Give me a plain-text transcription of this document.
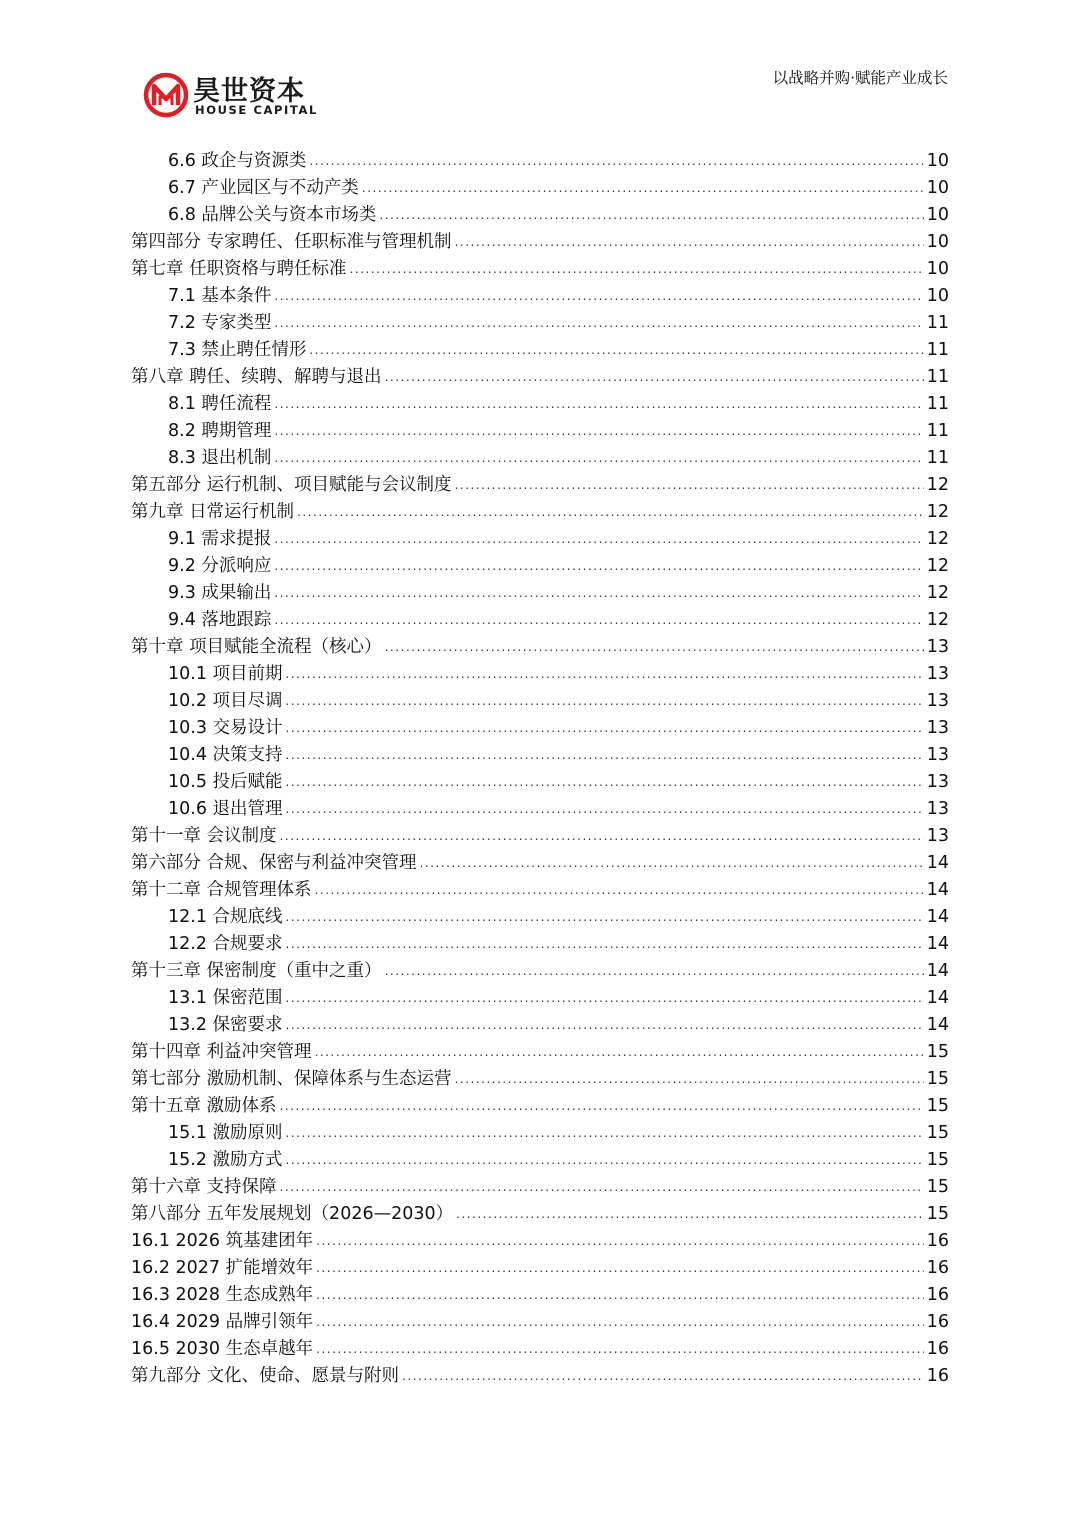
昊世资本
HOUSE CAPITAL
以战略并购·赋能产业成长
6.6 政企与资源类 .....	10
6.7 产业园区与不动产类 .....	10
6.8 品牌公关与资本市场类 .....	10
第四部分 专家聘任、任职标准与管理机制 .....	10
第七章 任职资格与聘任标准 .....	10
7.1 基本条件 .....	10
7.2 专家类型 .....	11
7.3 禁止聘任情形 .....	11
第八章 聘任、续聘、解聘与退出 .....	11
8.1 聘任流程 .....	11
8.2 聘期管理 .....	11
8.3 退出机制 .....	11
第五部分 运行机制、项目赋能与会议制度 .....	12
第九章 日常运行机制 .....	12
9.1 需求提报 .....	12
9.2 分派响应 .....	12
9.3 成果输出 .....	12
9.4 落地跟踪 .....	12
第十章 项目赋能全流程（核心） .....	13
10.1 项目前期 .....	13
10.2 项目尽调 .....	13
10.3 交易设计 .....	13
10.4 决策支持 .....	13
10.5 投后赋能 .....	13
10.6 退出管理 .....	13
第十一章 会议制度 .....	13
第六部分 合规、保密与利益冲突管理 .....	14
第十二章 合规管理体系 .....	14
12.1 合规底线 .....	14
12.2 合规要求 .....	14
第十三章 保密制度（重中之重） .....	14
13.1 保密范围 .....	14
13.2 保密要求 .....	14
第十四章 利益冲突管理 .....	15
第七部分 激励机制、保障体系与生态运营 .....	15
第十五章 激励体系 .....	15
15.1 激励原则 .....	15
15.2 激励方式 .....	15
第十六章 支持保障 .....	15
第八部分 五年发展规划（2026—2030） .....	15
16.1 2026 筑基建团年 .....	16
16.2 2027 扩能增效年 .....	16
16.3 2028 生态成熟年 .....	16
16.4 2029 品牌引领年 .....	16
16.5 2030 生态卓越年 .....	16
第九部分 文化、使命、愿景与附则 .....	16
